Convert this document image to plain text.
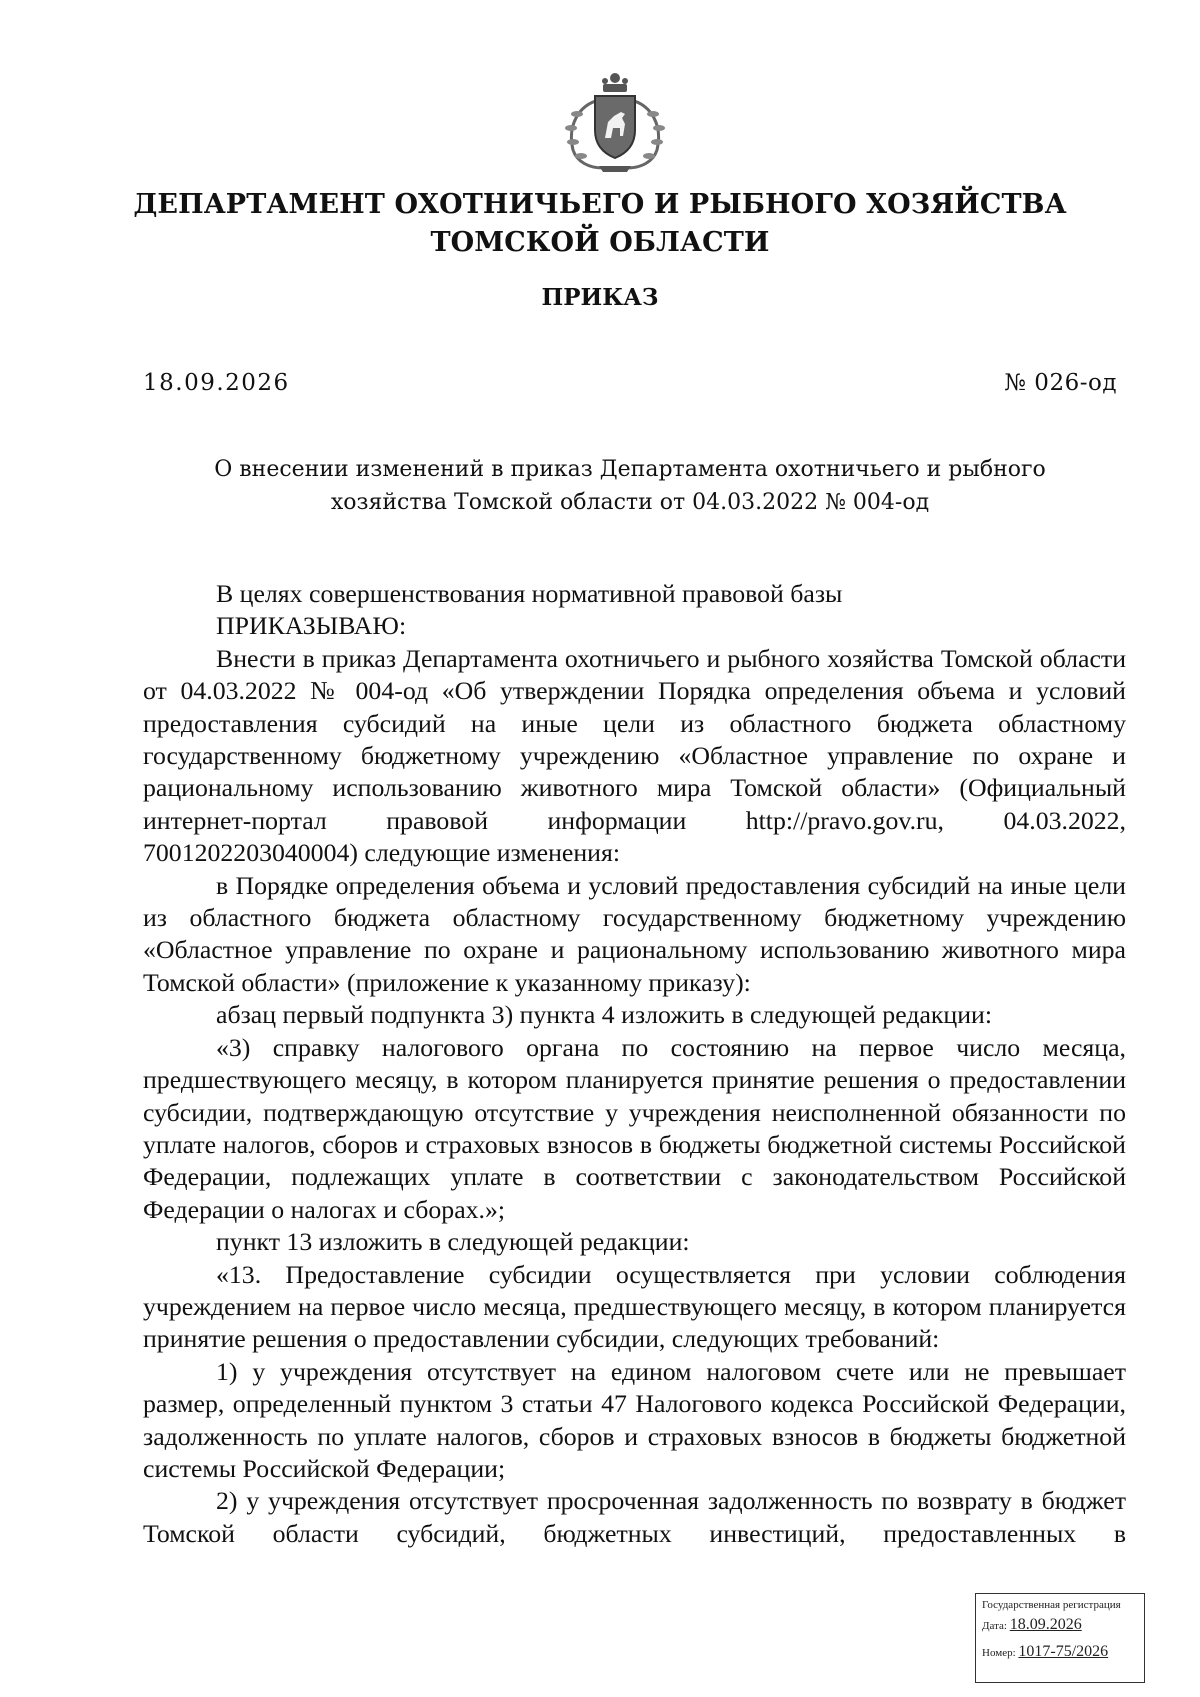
ДЕПАРТАМЕНТ ОХОТНИЧЬЕГО И РЫБНОГО ХОЗЯЙСТВА
ТОМСКОЙ ОБЛАСТИ
ПРИКАЗ
18.09.2026	№ 026-од
О внесении изменений в приказ Департамента охотничьего и рыбного
хозяйства Томской области от 04.03.2022 № 004-од

В целях совершенствования нормативной правовой базы

ПРИКАЗЫВАЮ:

Внести в приказ Департамента охотничьего и рыбного хозяйства Томской области от 04.03.2022 № 004-од «Об утверждении Порядка определения объема и условий предоставления субсидий на иные цели из областного бюджета областному государственному бюджетному учреждению «Областное управление по охране и рациональному использованию животного мира Томской области» (Официальный интернет-портал правовой информации http://pravo.gov.ru, 04.03.2022, 7001202203040004) следующие изменения:

в Порядке определения объема и условий предоставления субсидий на иные цели из областного бюджета областному государственному бюджетному учреждению «Областное управление по охране и рациональному использованию животного мира Томской области» (приложение к указанному приказу):

абзац первый подпункта 3) пункта 4 изложить в следующей редакции:

«3) справку налогового органа по состоянию на первое число месяца, предшествующего месяцу, в котором планируется принятие решения о предоставлении субсидии, подтверждающую отсутствие у учреждения неисполненной обязанности по уплате налогов, сборов и страховых взносов в бюджеты бюджетной системы Российской Федерации, подлежащих уплате в соответствии с законодательством Российской Федерации о налогах и сборах.»;

пункт 13 изложить в следующей редакции:

«13. Предоставление субсидии осуществляется при условии соблюдения учреждением на первое число месяца, предшествующего месяцу, в котором планируется принятие решения о предоставлении субсидии, следующих требований:

1) у учреждения отсутствует на едином налоговом счете или не превышает размер, определенный пунктом 3 статьи 47 Налогового кодекса Российской Федерации, задолженность по уплате налогов, сборов и страховых взносов в бюджеты бюджетной системы Российской Федерации;

2) у учреждения отсутствует просроченная задолженность по возврату в бюджет Томской области субсидий, бюджетных инвестиций, предоставленных в

Государственная регистрация
Дата: 18.09.2026
Номер: 1017-75/2026
